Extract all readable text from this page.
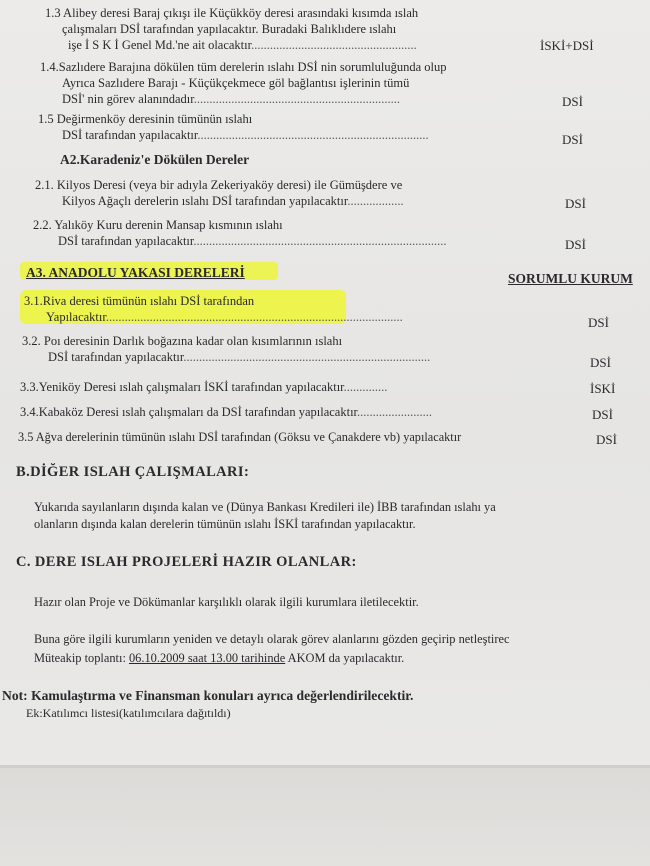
1.3 Alibey deresi Baraj çıkışı ile Küçükköy deresi arasındaki kısımda ıslah
çalışmaları DSİ tarafından yapılacaktır. Buradaki Balıklıdere ıslahı
işe İ S K İ Genel Md.'ne ait olacaktır.....................................................	İSKİ+DSİ
1.4.Sazlıdere Barajına dökülen tüm derelerin ıslahı DSİ nin sorumluluğunda olup
Ayrıca Sazlıdere Barajı - Küçükçekmece göl bağlantısı işlerinin tümü
DSİ' nin görev alanındadır..................................................................	DSİ
1.5 Değirmenköy deresinin tümünün ıslahı
DSİ tarafından yapılacaktır..........................................................................	DSİ
A2.Karadeniz'e Dökülen Dereler
2.1. Kilyos Deresi (veya bir adıyla Zekeriyaköy deresi) ile Gümüşdere ve
Kilyos Ağaçlı derelerin ıslahı DSİ tarafından yapılacaktır..................	DSİ
2.2. Yalıköy Kuru derenin Mansap kısmının ıslahı
DSİ tarafından yapılacaktır.................................................................................	DSİ
A3. ANADOLU YAKASI DERELERİ	SORUMLU KURUM
3.1.Riva deresi tümünün ıslahı DSİ tarafından
Yapılacaktır...............................................................................................	DSİ
3.2. Poı deresinin Darlık boğazına kadar olan kısımlarının ıslahı
DSİ tarafından yapılacaktır...............................................................................	DSİ
3.3.Yeniköy Deresi ıslah çalışmaları İSKİ tarafından yapılacaktır..............	İSKİ
3.4.Kabaköz Deresi ıslah çalışmaları da DSİ tarafından yapılacaktır........................	DSİ
3.5 Ağva derelerinin tümünün ıslahı DSİ tarafından (Göksu ve Çanakdere vb) yapılacaktır	DSİ
B.DİĞER ISLAH ÇALIŞMALARI:
Yukarıda sayılanların dışında kalan ve (Dünya Bankası Kredileri ile) İBB tarafından ıslahı ya
olanların dışında kalan derelerin tümünün ıslahı İSKİ tarafından yapılacaktır.
C. DERE ISLAH PROJELERİ HAZIR OLANLAR:
Hazır olan Proje ve Dökümanlar karşılıklı olarak ilgili kurumlara iletilecektir.
Buna göre ilgili kurumların yeniden ve detaylı olarak görev alanlarını gözden geçirip netleştirec
Müteakip toplantı: 06.10.2009 saat 13.00 tarihinde AKOM da yapılacaktır.
Not: Kamulaştırma ve Finansman konuları ayrıca değerlendirilecektir.
Ek:Katılımcı listesi(katılımcılara dağıtıldı)
